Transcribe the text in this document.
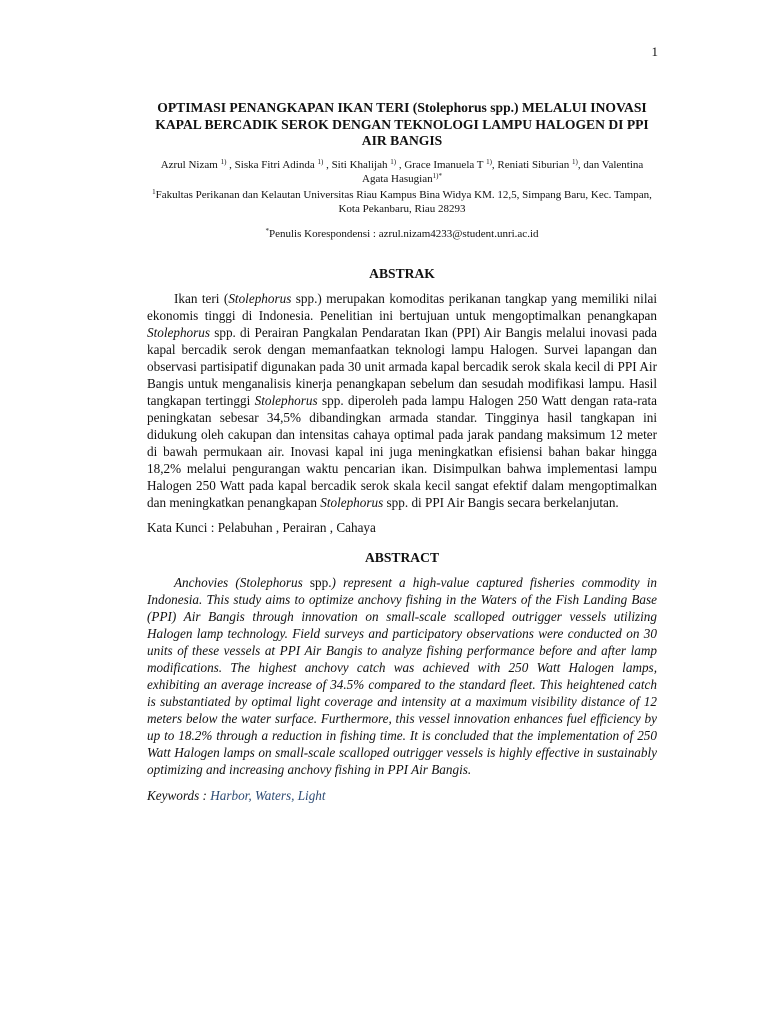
1
OPTIMASI PENANGKAPAN IKAN TERI (Stolephorus spp.) MELALUI INOVASI KAPAL BERCADIK SEROK DENGAN TEKNOLOGI LAMPU HALOGEN DI PPI AIR BANGIS

Azrul Nizam $^{1)}$ , Siska Fitri Adinda $^{1)}$ , Siti Khalijah $^{1)}$ , Grace Imanuela T $^{1)}$, Reniati Siburian $^{1)}$, dan Valentina Agata Hasugian$^{1)*}$

$^1$Fakultas Perikanan dan Kelautan Universitas Riau Kampus Bina Widya KM. 12,5, Simpang Baru, Kec. Tampan, Kota Pekanbaru, Riau 28293

*Penulis Korespondensi : azrul.nizam4233@student.unri.ac.id

ABSTRAK

Ikan teri (Stolephorus spp.) merupakan komoditas perikanan tangkap yang memiliki nilai ekonomis tinggi di Indonesia. Penelitian ini bertujuan untuk mengoptimalkan penangkapan Stolephorus spp. di Perairan Pangkalan Pendaratan Ikan (PPI) Air Bangis melalui inovasi pada kapal bercadik serok dengan memanfaatkan teknologi lampu Halogen. Survei lapangan dan observasi partisipatif digunakan pada 30 unit armada kapal bercadik serok skala kecil di PPI Air Bangis untuk menganalisis kinerja penangkapan sebelum dan sesudah modifikasi lampu. Hasil tangkapan tertinggi Stolephorus spp. diperoleh pada lampu Halogen 250 Watt dengan rata-rata peningkatan sebesar 34,5% dibandingkan armada standar. Tingginya hasil tangkapan ini didukung oleh cakupan dan intensitas cahaya optimal pada jarak pandang maksimum 12 meter di bawah permukaan air. Inovasi kapal ini juga meningkatkan efisiensi bahan bakar hingga 18,2% melalui pengurangan waktu pencarian ikan. Disimpulkan bahwa implementasi lampu Halogen 250 Watt pada kapal bercadik serok skala kecil sangat efektif dalam mengoptimalkan dan meningkatkan penangkapan Stolephorus spp. di PPI Air Bangis secara berkelanjutan.

Kata Kunci : Pelabuhan , Perairan , Cahaya

ABSTRACT

Anchovies (Stolephorus spp.) represent a high-value captured fisheries commodity in Indonesia. This study aims to optimize anchovy fishing in the Waters of the Fish Landing Base (PPI) Air Bangis through innovation on small-scale scalloped outrigger vessels utilizing Halogen lamp technology. Field surveys and participatory observations were conducted on 30 units of these vessels at PPI Air Bangis to analyze fishing performance before and after lamp modifications. The highest anchovy catch was achieved with 250 Watt Halogen lamps, exhibiting an average increase of 34.5% compared to the standard fleet. This heightened catch is substantiated by optimal light coverage and intensity at a maximum visibility distance of 12 meters below the water surface. Furthermore, this vessel innovation enhances fuel efficiency by up to 18.2% through a reduction in fishing time. It is concluded that the implementation of 250 Watt Halogen lamps on small-scale scalloped outrigger vessels is highly effective in sustainably optimizing and increasing anchovy fishing in PPI Air Bangis.

Keywords : Harbor, Waters, Light
